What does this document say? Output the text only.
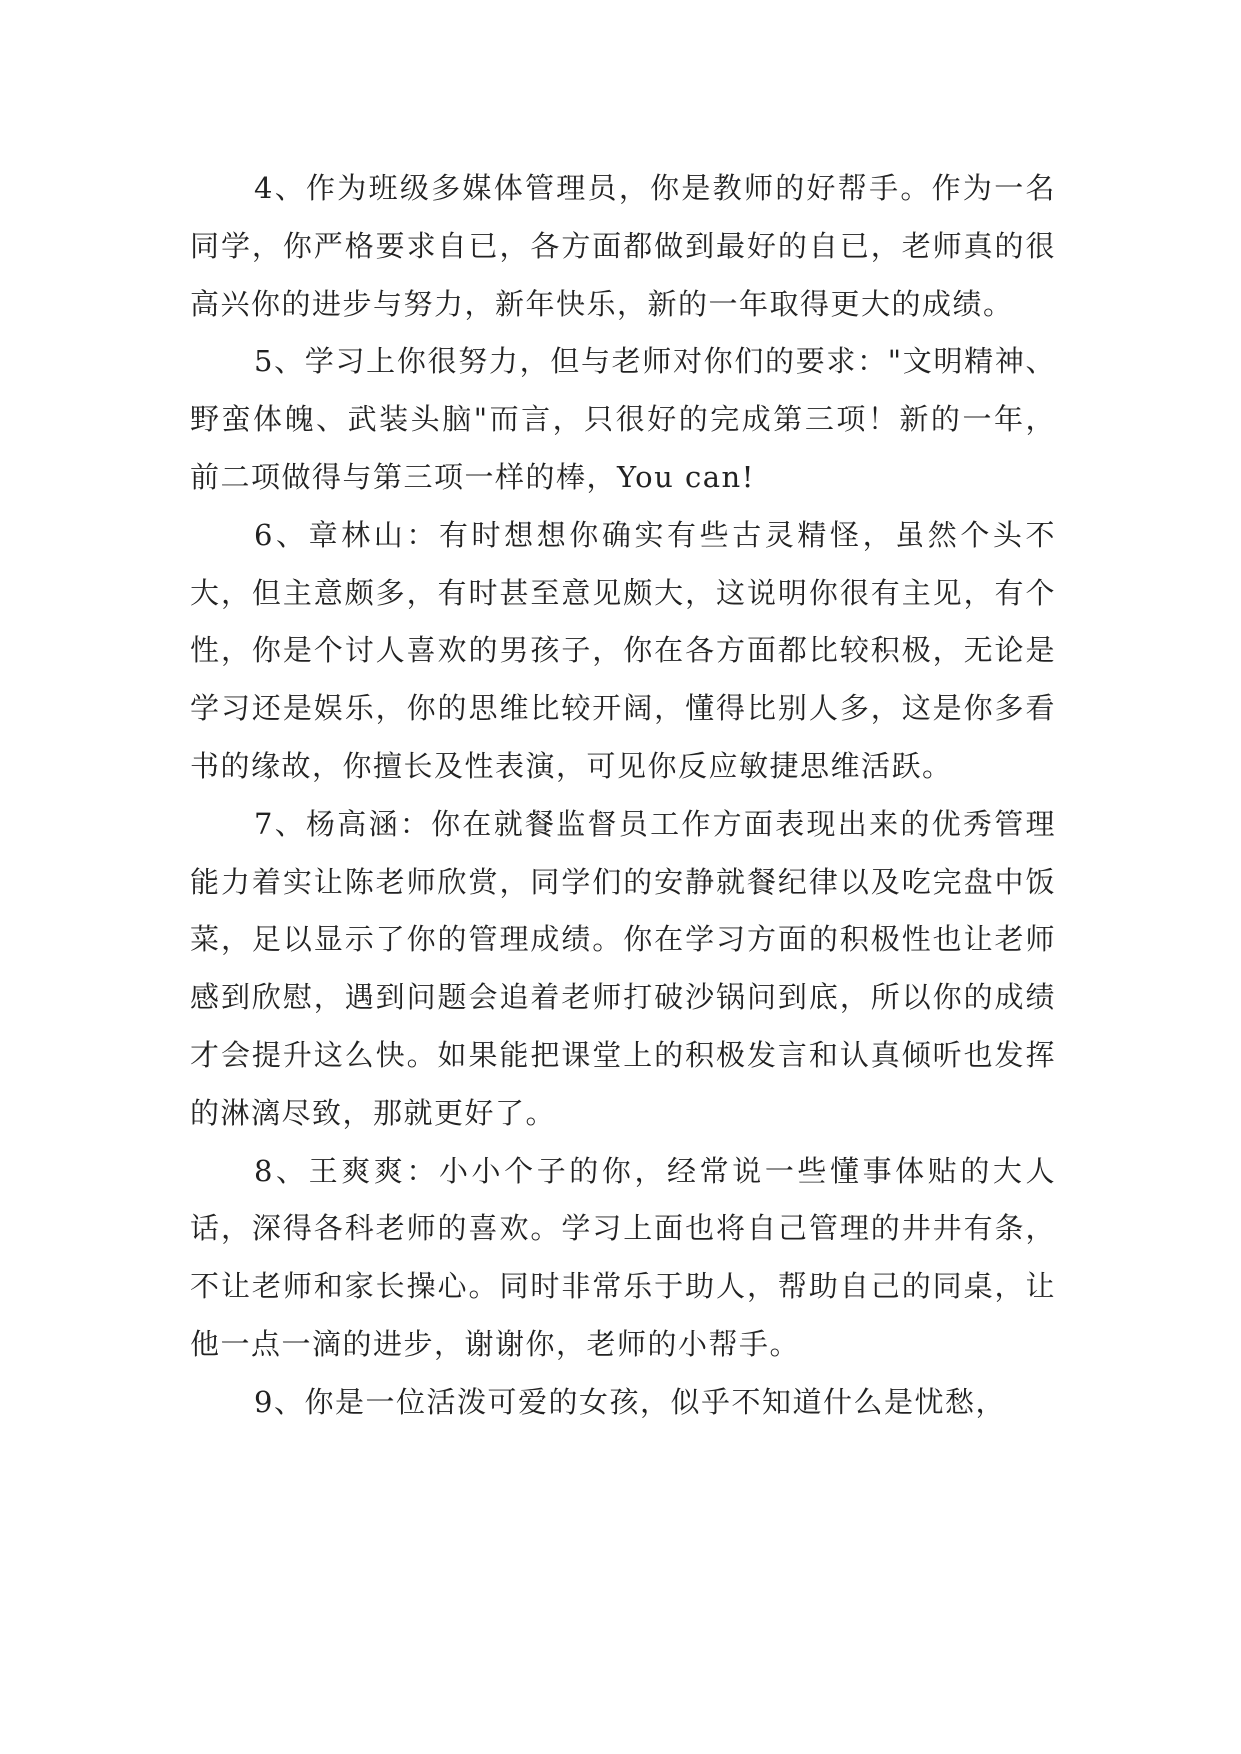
4、作为班级多媒体管理员，你是教师的好帮手。作为一名同学，你严格要求自已，各方面都做到最好的自已，老师真的很高兴你的进步与努力，新年快乐，新的一年取得更大的成绩。

5、学习上你很努力，但与老师对你们的要求："文明精神、野蛮体魄、武装头脑"而言，只很好的完成第三项！新的一年，前二项做得与第三项一样的棒，You can!

6、章林山：有时想想你确实有些古灵精怪，虽然个头不大，但主意颇多，有时甚至意见颇大，这说明你很有主见，有个性，你是个讨人喜欢的男孩子，你在各方面都比较积极，无论是学习还是娱乐，你的思维比较开阔，懂得比别人多，这是你多看书的缘故，你擅长及性表演，可见你反应敏捷思维活跃。

7、杨高涵：你在就餐监督员工作方面表现出来的优秀管理能力着实让陈老师欣赏，同学们的安静就餐纪律以及吃完盘中饭菜，足以显示了你的管理成绩。你在学习方面的积极性也让老师感到欣慰，遇到问题会追着老师打破沙锅问到底，所以你的成绩才会提升这么快。如果能把课堂上的积极发言和认真倾听也发挥的淋漓尽致，那就更好了。

8、王爽爽：小小个子的你，经常说一些懂事体贴的大人话，深得各科老师的喜欢。学习上面也将自己管理的井井有条，不让老师和家长操心。同时非常乐于助人，帮助自己的同桌，让他一点一滴的进步，谢谢你，老师的小帮手。

9、你是一位活泼可爱的女孩，似乎不知道什么是忧愁，
